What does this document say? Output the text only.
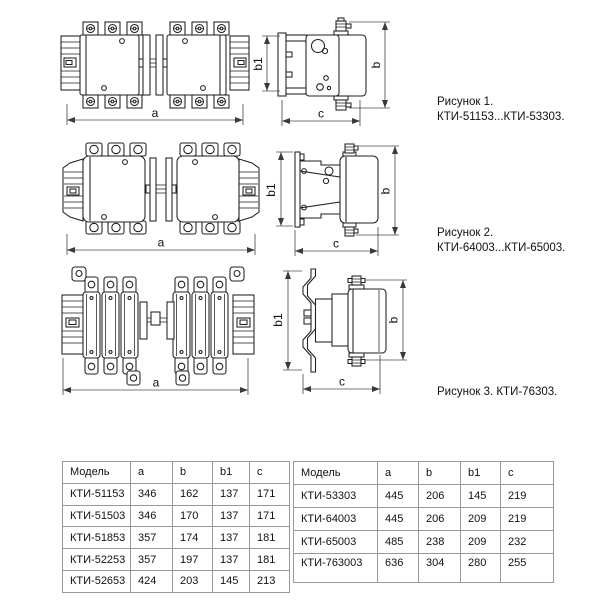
a
b1	b
c
Рисунок 1.
КТИ-51153...КТИ-53303.
a
b1	b
c
Рисунок 2.
КТИ-64003...КТИ-65003.
a
b1	b
c
Рисунок 3. КТИ-76303.
Модель	a	b	b1	c
КТИ-51153	346	162	137	171
КТИ-51503	346	170	137	171
КТИ-51853	357	174	137	181
КТИ-52253	357	197	137	181
КТИ-52653	424	203	145	213
Модель	a	b	b1	c
КТИ-53303	445	206	145	219
КТИ-64003	445	206	209	219
КТИ-65003	485	238	209	232
КТИ-763003	636	304	280	255
